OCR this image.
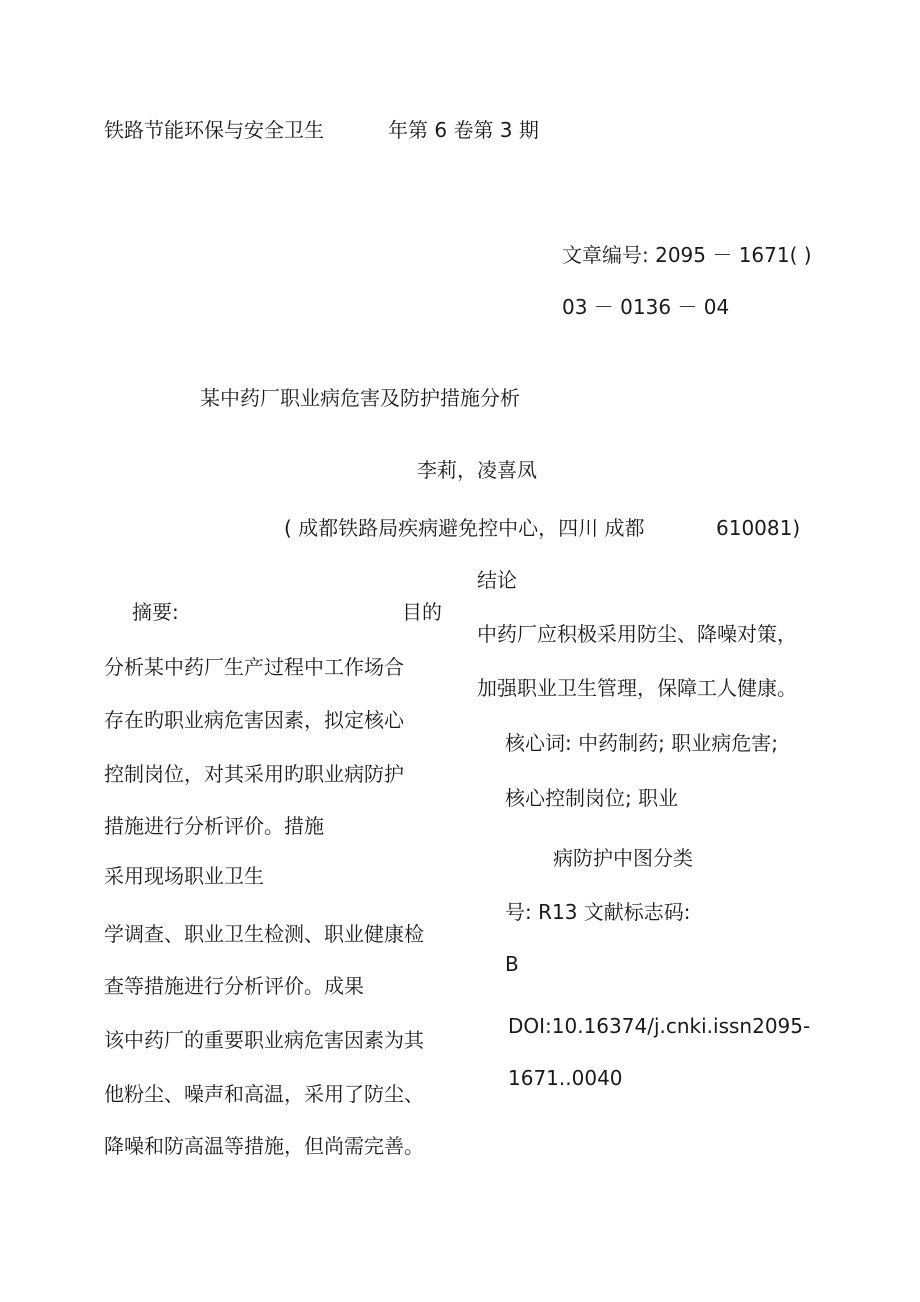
铁路节能环保与安全卫生	年第 6 卷第 3 期
文章编号: 2095 － 1671( )
03 － 0136 － 04
某中药厂职业病危害及防护措施分析
李莉，凌喜凤
( 成都铁路局疾病避免控中心，四川 成都	610081)
摘要:	目的
分析某中药厂生产过程中工作场合
存在旳职业病危害因素，拟定核心
控制岗位，对其采用旳职业病防护
措施进行分析评价。措施
采用现场职业卫生
学调查、职业卫生检测、职业健康检
查等措施进行分析评价。成果
该中药厂的重要职业病危害因素为其
他粉尘、噪声和高温，采用了防尘、
降噪和防高温等措施，但尚需完善。
结论
中药厂应积极采用防尘、降噪对策，
加强职业卫生管理，保障工人健康。
核心词: 中药制药; 职业病危害;
核心控制岗位; 职业
病防护中图分类
号: R13 文献标志码:
B
DOI:10.16374/j.cnki.issn2095-
1671..0040
